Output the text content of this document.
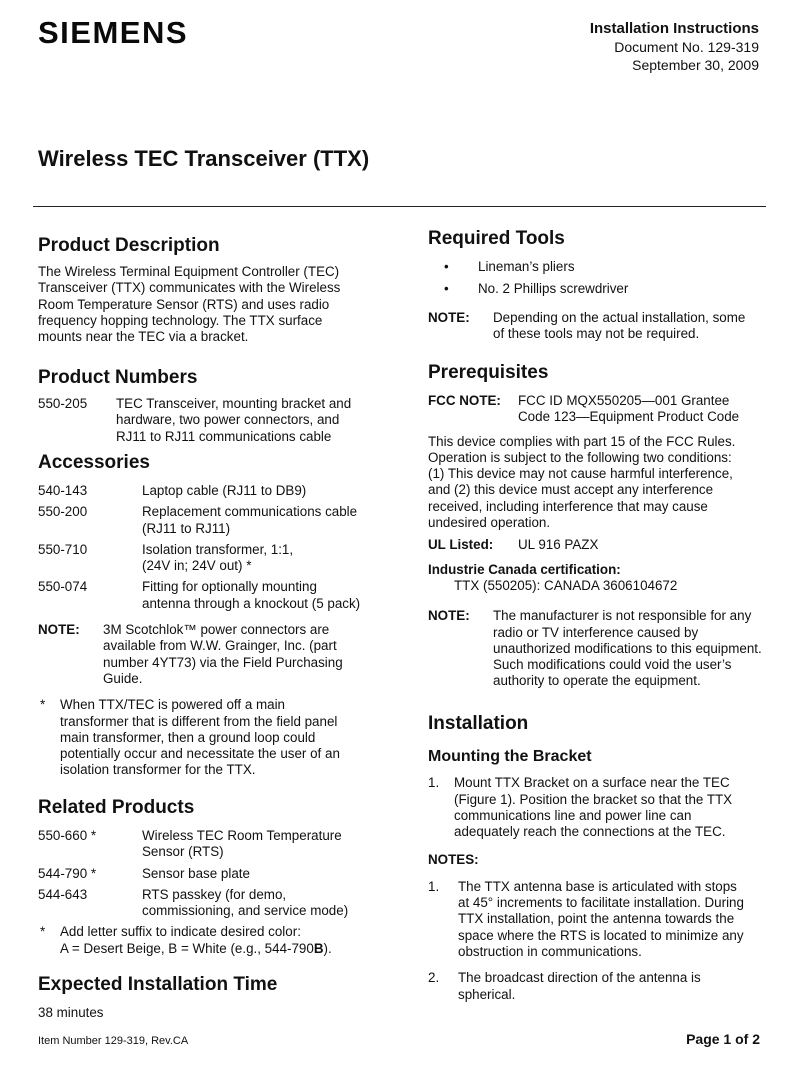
SIEMENS	Installation Instructions
Document No. 129-319
September 30, 2009
Wireless TEC Transceiver (TTX)
Product Description
The Wireless Terminal Equipment Controller (TEC)
Transceiver (TTX) communicates with the Wireless
Room Temperature Sensor (RTS) and uses radio
frequency hopping technology. The TTX surface
mounts near the TEC via a bracket.
Product Numbers
550-205	TEC Transceiver, mounting bracket and
hardware, two power connectors, and
RJ11 to RJ11 communications cable
Accessories
540-143	Laptop cable (RJ11 to DB9)
550-200	Replacement communications cable
(RJ11 to RJ11)
550-710	Isolation transformer, 1:1,
(24V in; 24V out) *
550-074	Fitting for optionally mounting
antenna through a knockout (5 pack)
NOTE:	3M Scotchlok™ power connectors are
available from W.W. Grainger, Inc. (part
number 4YT73) via the Field Purchasing
Guide.
*	When TTX/TEC is powered off a main
transformer that is different from the field panel
main transformer, then a ground loop could
potentially occur and necessitate the user of an
isolation transformer for the TTX.
Related Products
550-660 *	Wireless TEC Room Temperature
Sensor (RTS)
544-790 *	Sensor base plate
544-643	RTS passkey (for demo,
commissioning, and service mode)
*	Add letter suffix to indicate desired color:
A = Desert Beige, B = White (e.g., 544-790B).
Expected Installation Time
38 minutes
Required Tools
•	Lineman’s pliers
•	No. 2 Phillips screwdriver
NOTE:	Depending on the actual installation, some
of these tools may not be required.
Prerequisites
FCC NOTE:	FCC ID MQX550205—001 Grantee
Code 123—Equipment Product Code
This device complies with part 15 of the FCC Rules.
Operation is subject to the following two conditions:
(1) This device may not cause harmful interference,
and (2) this device must accept any interference
received, including interference that may cause
undesired operation.
UL Listed:	UL 916 PAZX
Industrie Canada certification:
TTX (550205): CANADA 3606104672
NOTE:	The manufacturer is not responsible for any
radio or TV interference caused by
unauthorized modifications to this equipment.
Such modifications could void the user’s
authority to operate the equipment.
Installation
Mounting the Bracket
1.	Mount TTX Bracket on a surface near the TEC
(Figure 1). Position the bracket so that the TTX
communications line and power line can
adequately reach the connections at the TEC.
NOTES:
1.	The TTX antenna base is articulated with stops
at 45° increments to facilitate installation. During
TTX installation, point the antenna towards the
space where the RTS is located to minimize any
obstruction in communications.
2.	The broadcast direction of the antenna is
spherical.
Item Number 129-319, Rev.CA	Page 1 of 2
